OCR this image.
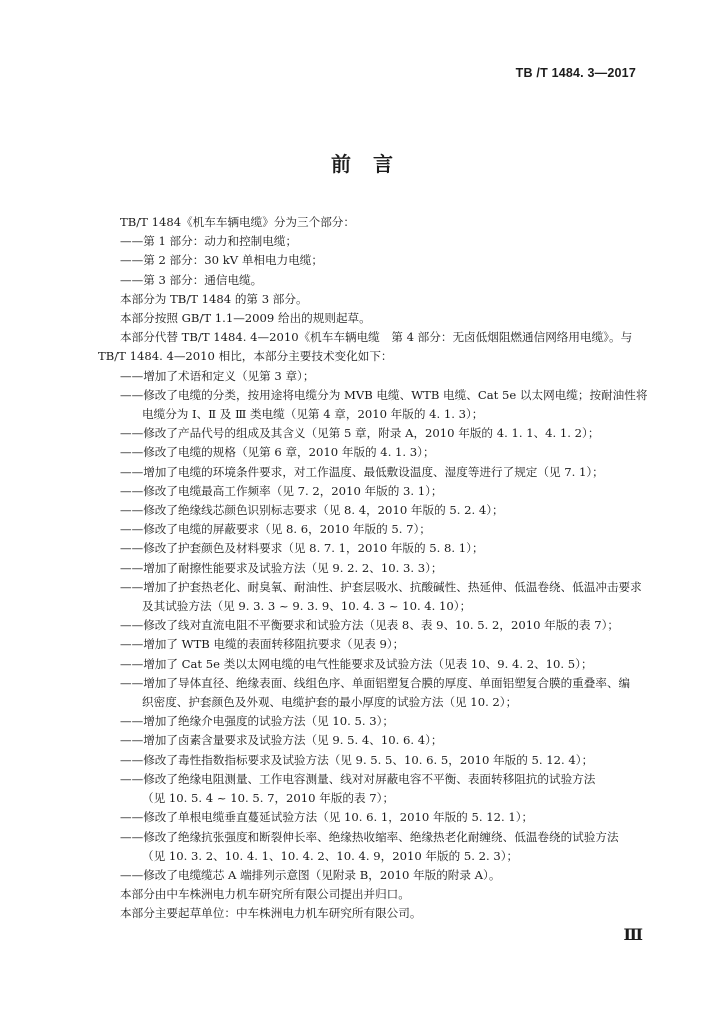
TB /T 1484. 3—2017
前言
TB/T 1484《机车车辆电缆》分为三个部分：
——第 1 部分：动力和控制电缆；
——第 2 部分：30 kV 单相电力电缆；
——第 3 部分：通信电缆。
本部分为 TB/T 1484 的第 3 部分。
本部分按照 GB/T 1.1—2009 给出的规则起草。
本部分代替 TB/T 1484. 4—2010《机车车辆电缆　第 4 部分：无卤低烟阻燃通信网络用电缆》。与
TB/T 1484. 4—2010 相比，本部分主要技术变化如下：
——增加了术语和定义（见第 3 章）；
——修改了电缆的分类，按用途将电缆分为 MVB 电缆、WTB 电缆、Cat 5e 以太网电缆；按耐油性将
电缆分为 Ⅰ、Ⅱ 及 Ⅲ 类电缆（见第 4 章，2010 年版的 4. 1. 3）；
——修改了产品代号的组成及其含义（见第 5 章，附录 A，2010 年版的 4. 1. 1、4. 1. 2）；
——修改了电缆的规格（见第 6 章，2010 年版的 4. 1. 3）；
——增加了电缆的环境条件要求，对工作温度、最低敷设温度、湿度等进行了规定（见 7. 1）；
——修改了电缆最高工作频率（见 7. 2，2010 年版的 3. 1）；
——修改了绝缘线芯颜色识别标志要求（见 8. 4，2010 年版的 5. 2. 4）；
——修改了电缆的屏蔽要求（见 8. 6，2010 年版的 5. 7）；
——修改了护套颜色及材料要求（见 8. 7. 1，2010 年版的 5. 8. 1）；
——增加了耐擦性能要求及试验方法（见 9. 2. 2、10. 3. 3）；
——增加了护套热老化、耐臭氧、耐油性、护套层吸水、抗酸碱性、热延伸、低温卷绕、低温冲击要求
及其试验方法（见 9. 3. 3 ~ 9. 3. 9、10. 4. 3 ~ 10. 4. 10）；
——修改了线对直流电阻不平衡要求和试验方法（见表 8、表 9、10. 5. 2，2010 年版的表 7）；
——增加了 WTB 电缆的表面转移阻抗要求（见表 9）；
——增加了 Cat 5e 类以太网电缆的电气性能要求及试验方法（见表 10、9. 4. 2、10. 5）；
——增加了导体直径、绝缘表面、线组色序、单面铝塑复合膜的厚度、单面铝塑复合膜的重叠率、编
织密度、护套颜色及外观、电缆护套的最小厚度的试验方法（见 10. 2）；
——增加了绝缘介电强度的试验方法（见 10. 5. 3）；
——增加了卤素含量要求及试验方法（见 9. 5. 4、10. 6. 4）；
——修改了毒性指数指标要求及试验方法（见 9. 5. 5、10. 6. 5，2010 年版的 5. 12. 4）；
——修改了绝缘电阻测量、工作电容测量、线对对屏蔽电容不平衡、表面转移阻抗的试验方法
（见 10. 5. 4 ~ 10. 5. 7，2010 年版的表 7）；
——修改了单根电缆垂直蔓延试验方法（见 10. 6. 1，2010 年版的 5. 12. 1）；
——修改了绝缘抗张强度和断裂伸长率、绝缘热收缩率、绝缘热老化耐缠绕、低温卷绕的试验方法
（见 10. 3. 2、10. 4. 1、10. 4. 2、10. 4. 9，2010 年版的 5. 2. 3）；
——修改了电缆缆芯 A 端排列示意图（见附录 B，2010 年版的附录 A）。
本部分由中车株洲电力机车研究所有限公司提出并归口。
本部分主要起草单位：中车株洲电力机车研究所有限公司。
Ⅲ
